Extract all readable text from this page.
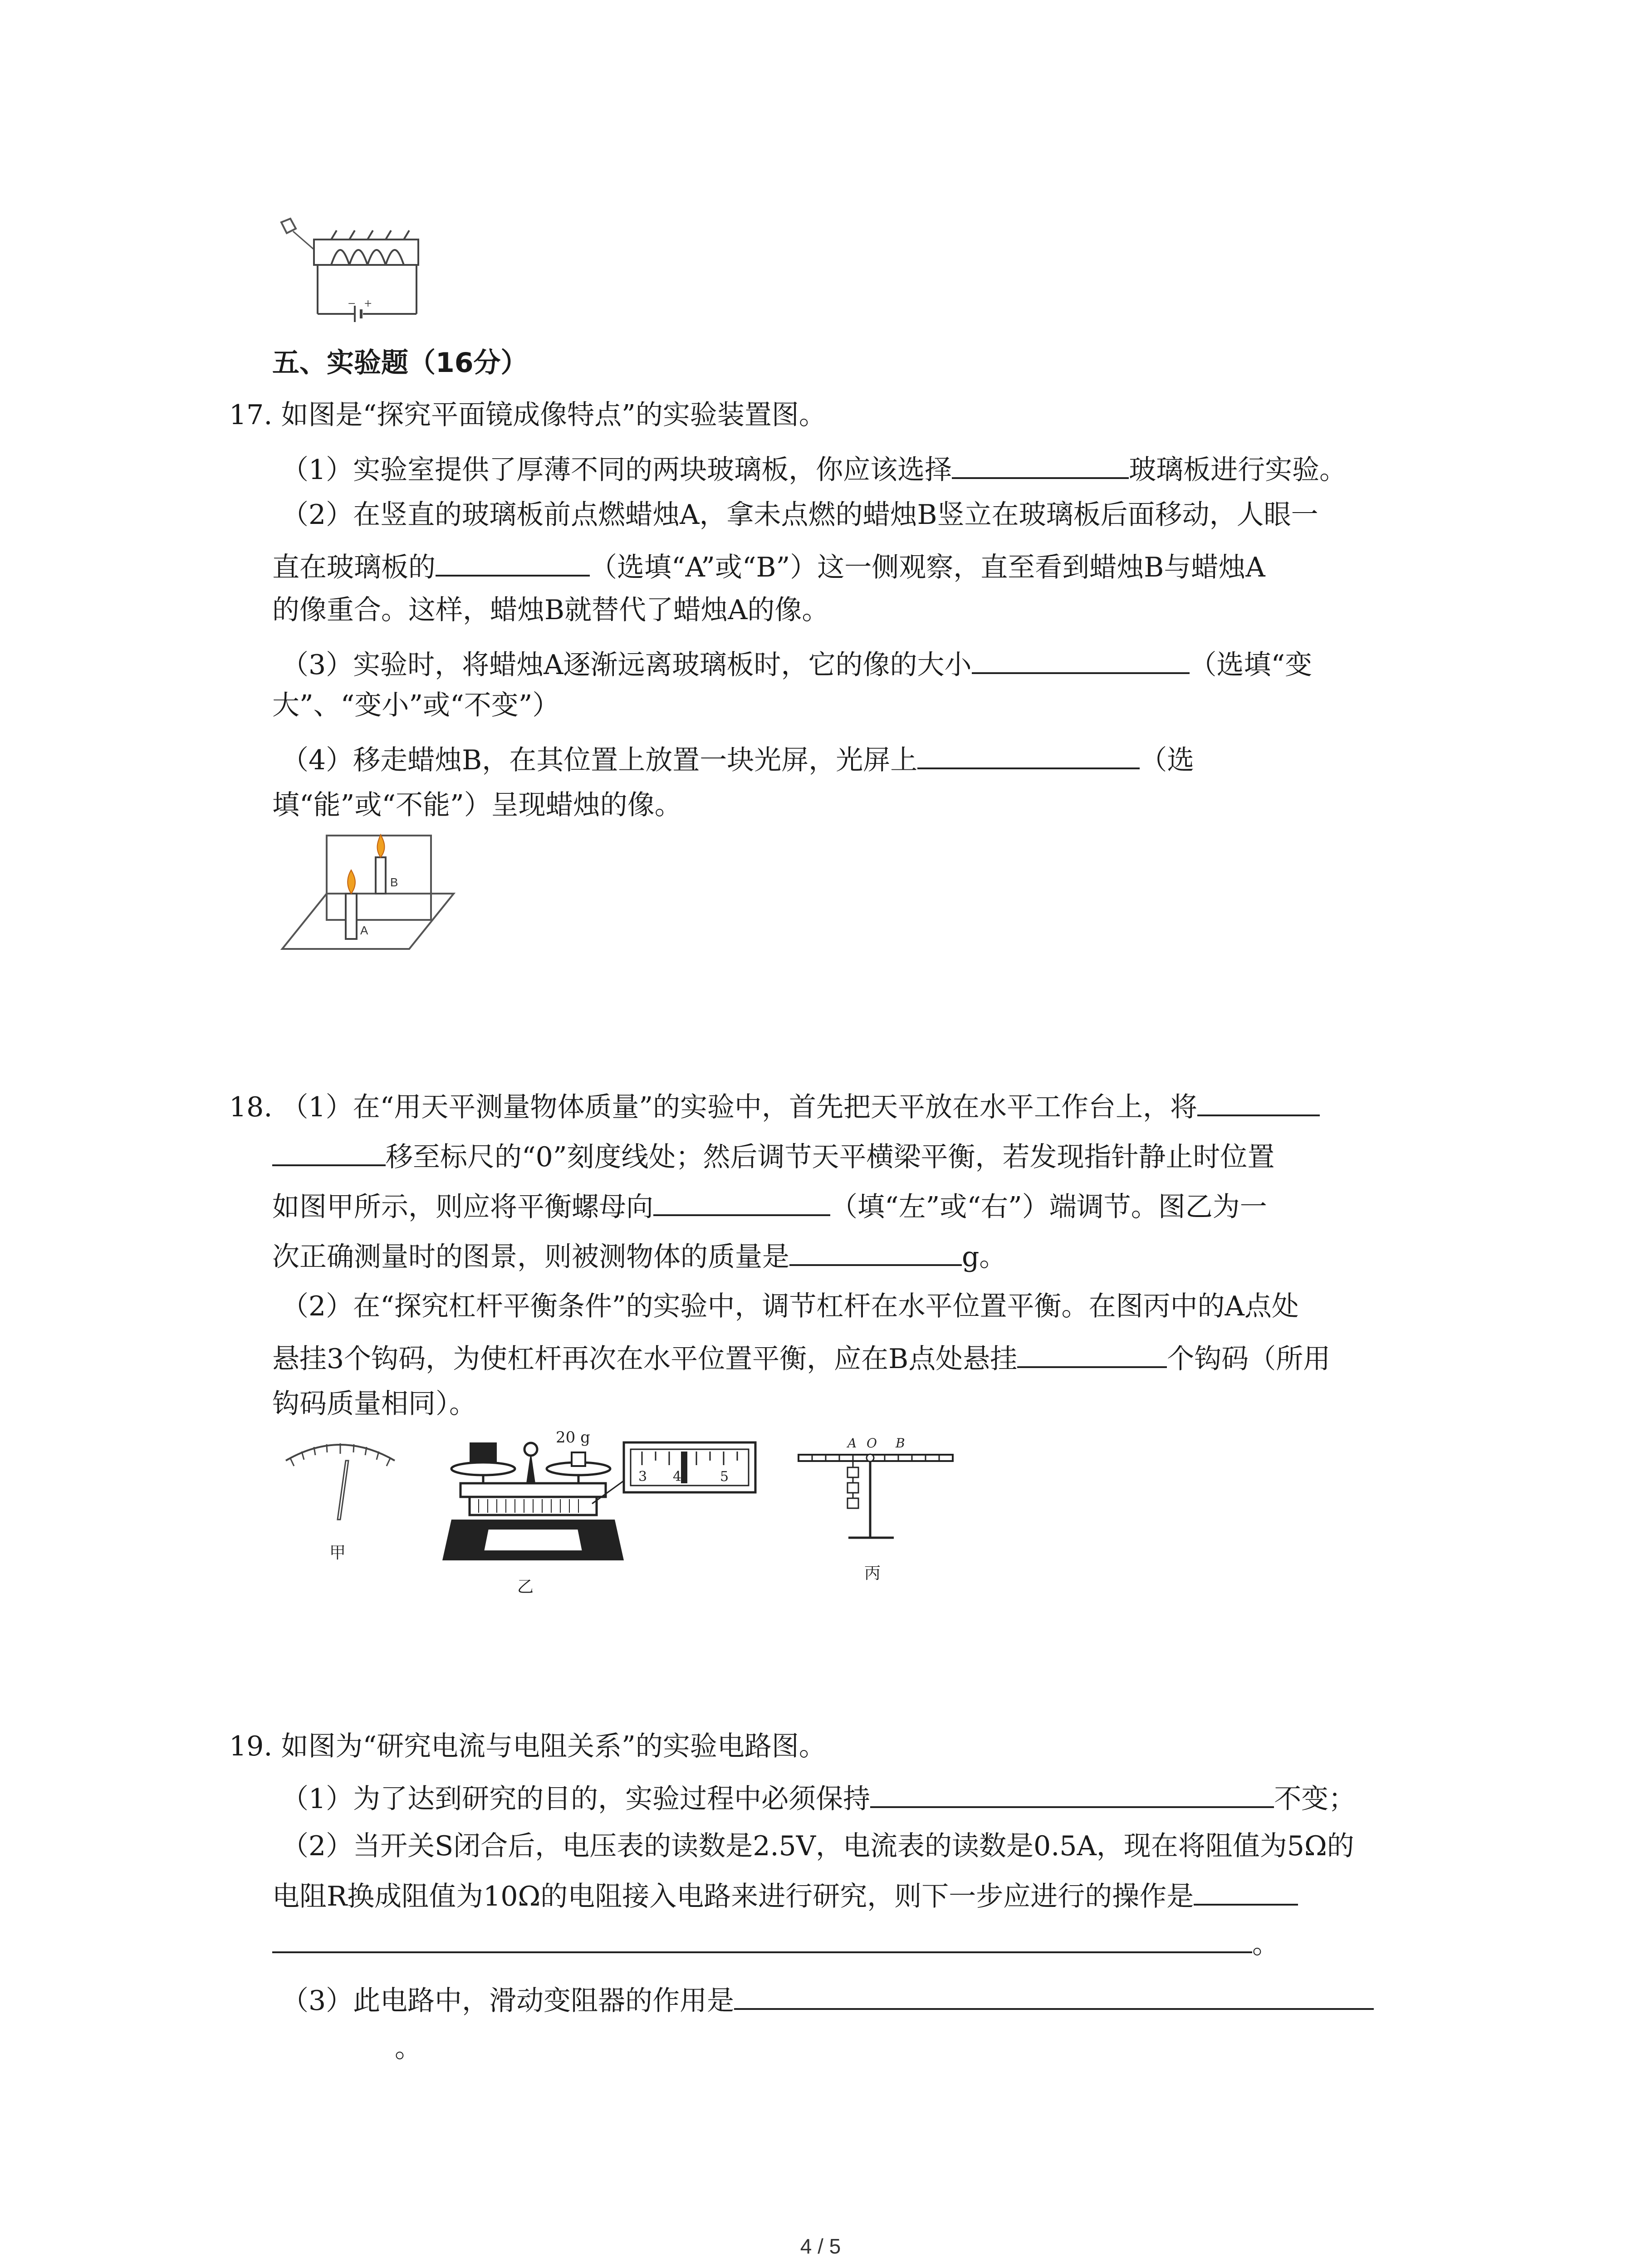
− +
五、实验题（16分）
17. 如图是“探究平面镜成像特点”的实验装置图。
（1）实验室提供了厚薄不同的两块玻璃板，你应该选择	玻璃板进行实验。
（2）在竖直的玻璃板前点燃蜡烛A，拿未点燃的蜡烛B竖立在玻璃板后面移动，人眼一
直在玻璃板的	（选填“A”或“B”）这一侧观察，直至看到蜡烛B与蜡烛A
的像重合。这样，蜡烛B就替代了蜡烛A的像。
（3）实验时，将蜡烛A逐渐远离玻璃板时，它的像的大小	（选填“变
大”、“变小”或“不变”）
（4）移走蜡烛B，在其位置上放置一块光屏，光屏上	（选
填“能”或“不能”）呈现蜡烛的像。
B
A
18. （1）在“用天平测量物体质量”的实验中，首先把天平放在水平工作台上，将
移至标尺的“0”刻度线处；然后调节天平横梁平衡，若发现指针静止时位置
如图甲所示，则应将平衡螺母向	（填“左”或“右”）端调节。图乙为一
次正确测量时的图景，则被测物体的质量是	g。
（2）在“探究杠杆平衡条件”的实验中，调节杠杆在水平位置平衡。在图丙中的A点处
悬挂3个钩码，为使杠杆再次在水平位置平衡，应在B点处悬挂	个钩码（所用
钩码质量相同）。
甲
20 g
3 4	5
乙
A O B
丙
19. 如图为“研究电流与电阻关系”的实验电路图。
（1）为了达到研究的目的，实验过程中必须保持	不变；
（2）当开关S闭合后，电压表的读数是2.5V，电流表的读数是0.5A，现在将阻值为5Ω的
电阻R换成阻值为10Ω的电阻接入电路来进行研究，则下一步应进行的操作是
。
（3）此电路中，滑动变阻器的作用是
。
4 / 5
